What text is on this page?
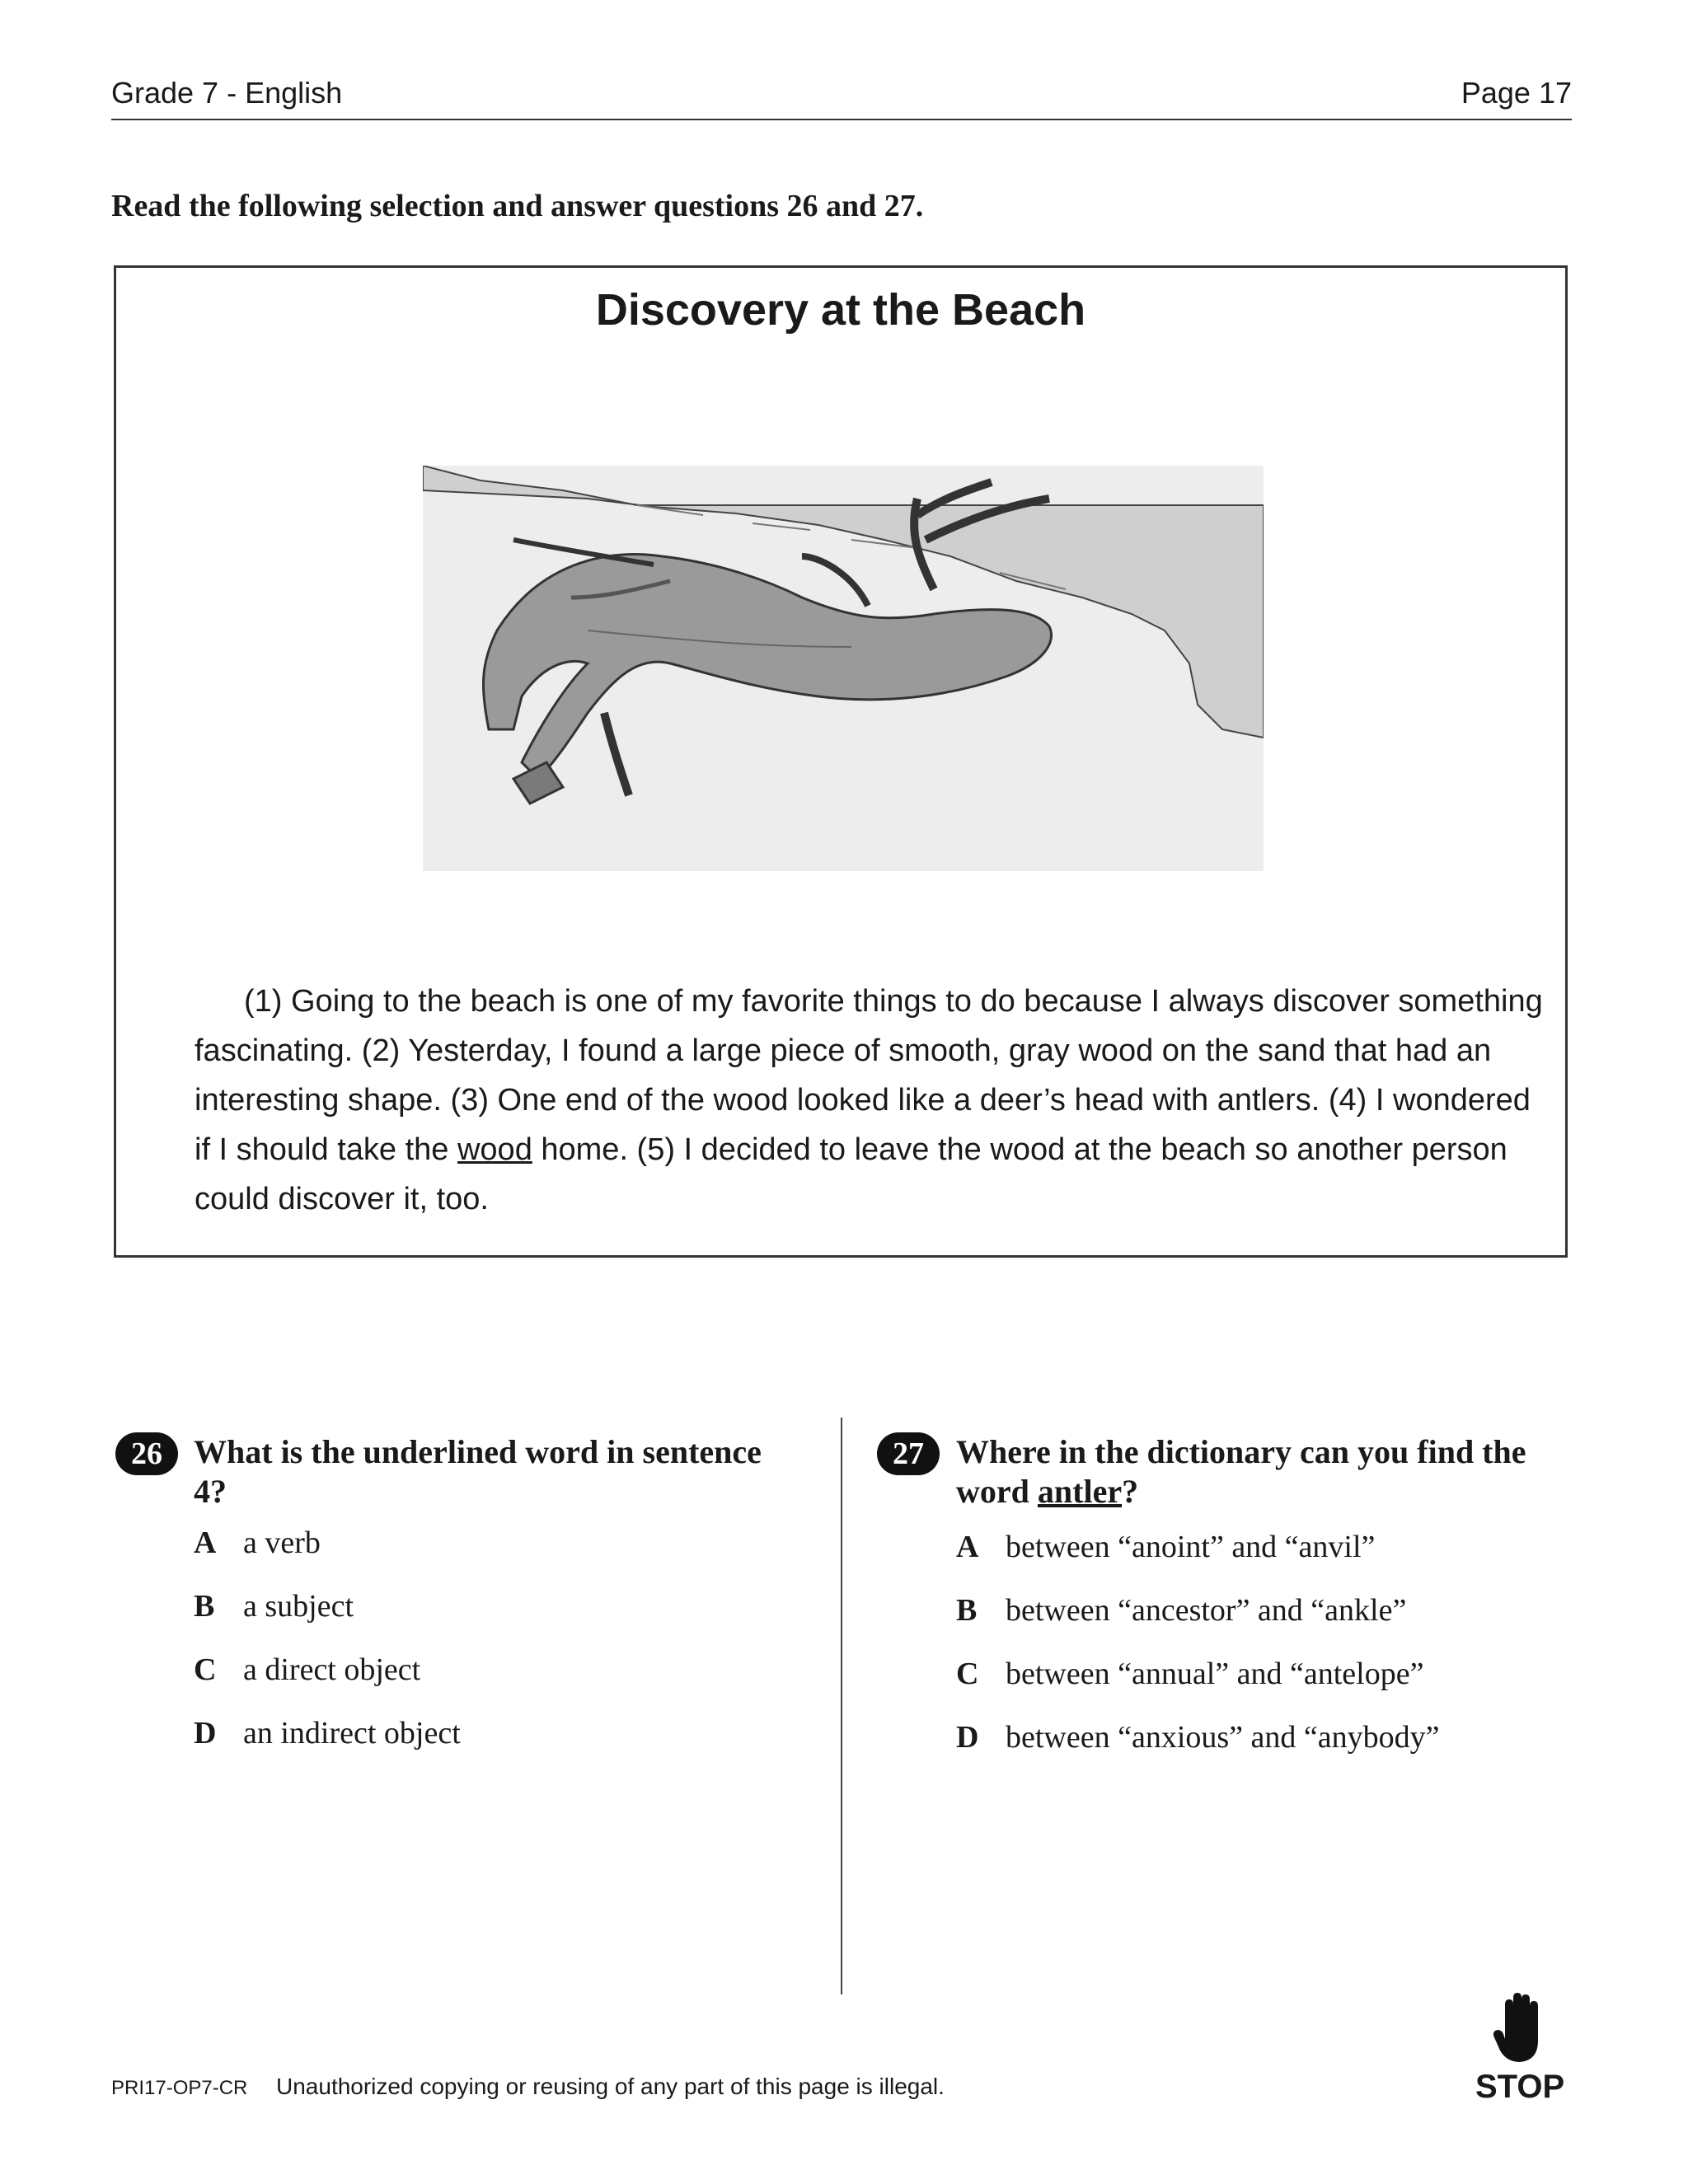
Grade 7 - English	Page 17
Read the following selection and answer questions 26 and 27.
Discovery at the Beach

(1) Going to the beach is one of my favorite things to do because I always discover something fascinating. (2) Yesterday, I found a large piece of smooth, gray wood on the sand that had an interesting shape. (3) One end of the wood looked like a deer’s head with antlers. (4) I wondered if I should take the wood home. (5) I decided to leave the wood at the beach so another person could discover it, too.

26 What is the underlined word in sentence 4?
A a verb
B a subject
C a direct object
D an indirect object
27 Where in the dictionary can you find the word antler?
A between “anoint” and “anvil”
B between “ancestor” and “ankle”
C between “annual” and “antelope”
D between “anxious” and “anybody”
PRI17-OP7-CR Unauthorized copying or reusing of any part of this page is illegal.	STOP
